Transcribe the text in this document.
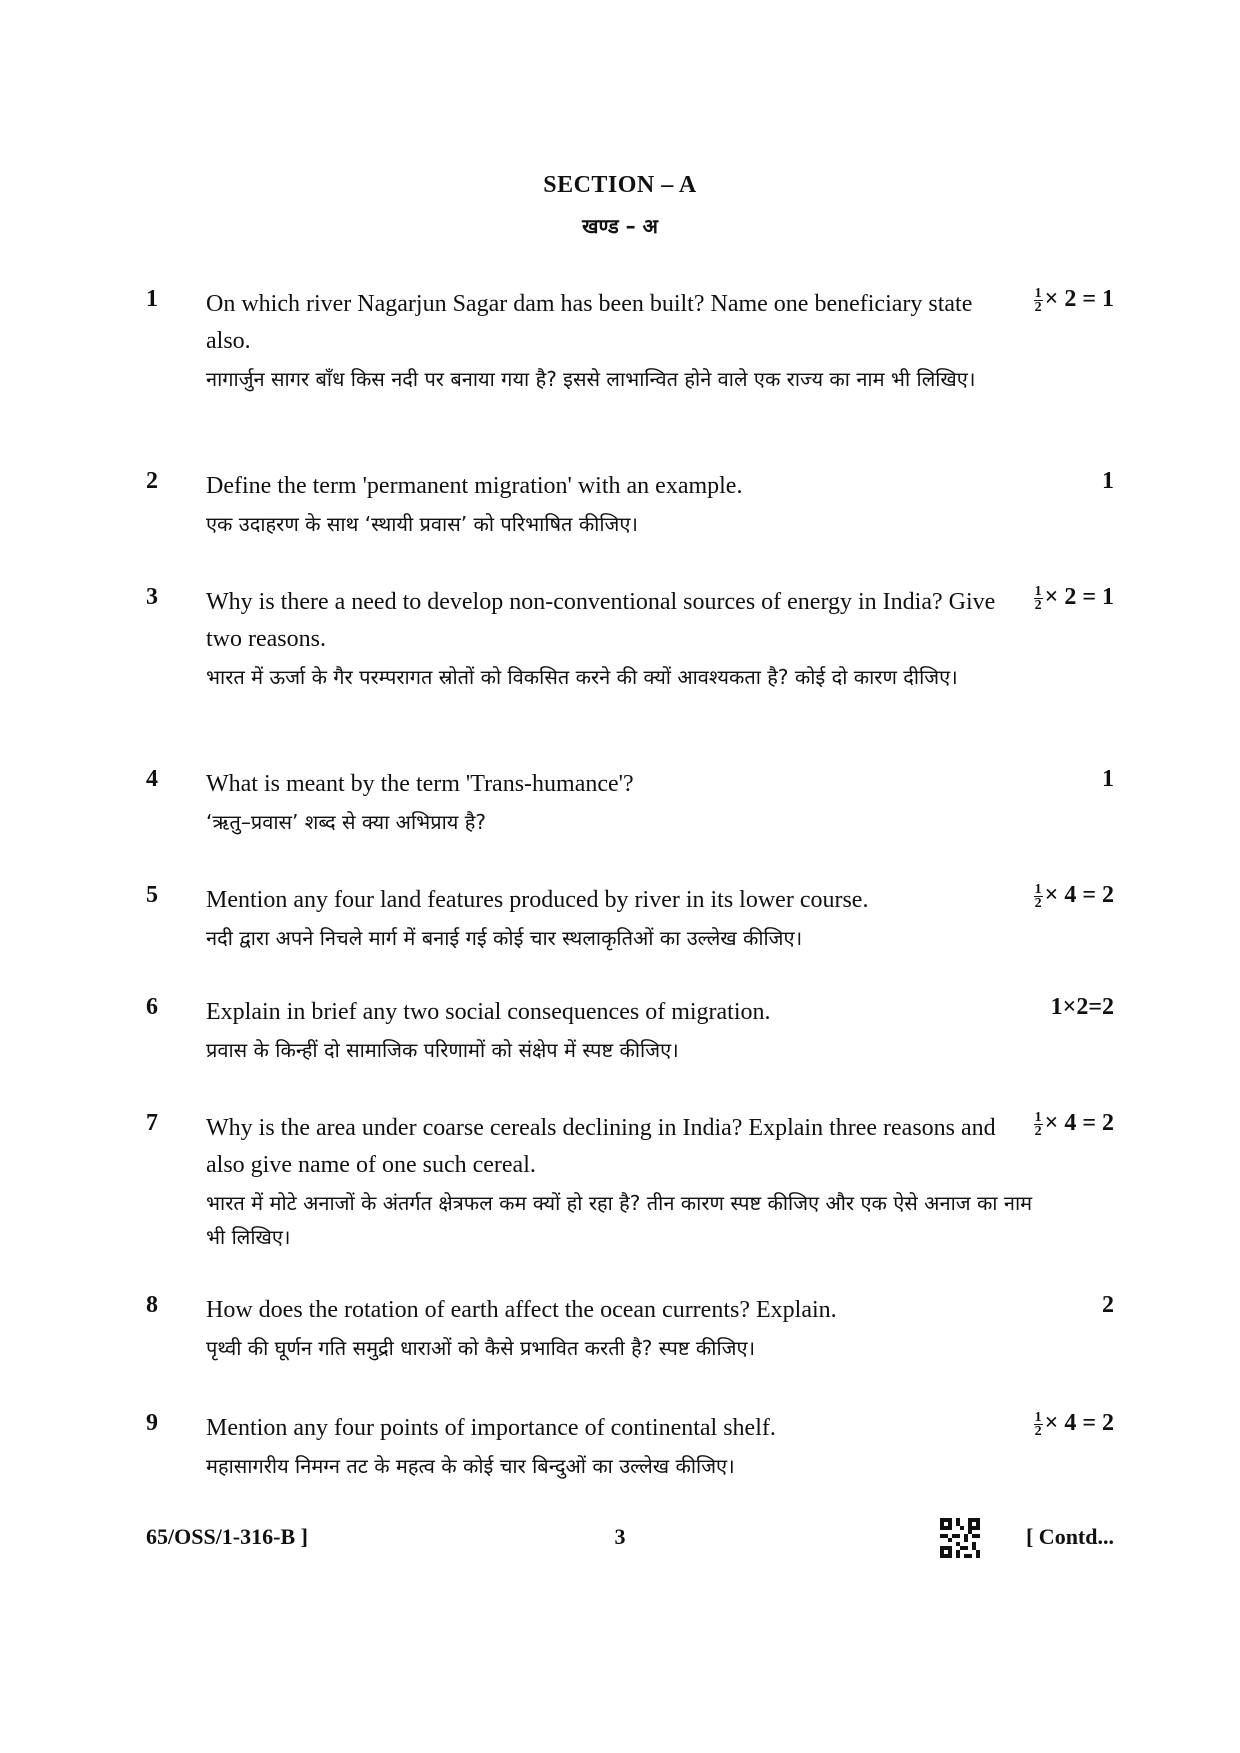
SECTION – A
खण्ड – अ
1 On which river Nagarjun Sagar dam has been built? Name one beneficiary state also.
नागार्जुन सागर बाँध किस नदी पर बनाया गया है? इससे लाभान्वित होने वाले एक राज्य का नाम भी लिखिए।
$\frac{1}{2} \times 2 = 1$
2 Define the term 'permanent migration' with an example.
एक उदाहरण के साथ ‘स्थायी प्रवास’ को परिभाषित कीजिए।
1
3 Why is there a need to develop non-conventional sources of energy in India? Give two reasons.
भारत में ऊर्जा के गैर परम्परागत स्रोतों को विकसित करने की क्यों आवश्यकता है? कोई दो कारण दीजिए।
$\frac{1}{2} \times 2 = 1$
4 What is meant by the term 'Trans-humance'?
‘ऋतु–प्रवास’ शब्द से क्या अभिप्राय है?
1
5 Mention any four land features produced by river in its lower course.
नदी द्वारा अपने निचले मार्ग में बनाई गई कोई चार स्थलाकृतिओं का उल्लेख कीजिए।
$\frac{1}{2} \times 4 = 2$
6 Explain in brief any two social consequences of migration.
प्रवास के किन्हीं दो सामाजिक परिणामों को संक्षेप में स्पष्ट कीजिए।
1×2=2
7 Why is the area under coarse cereals declining in India? Explain three reasons and also give name of one such cereal.
भारत में मोटे अनाजों के अंतर्गत क्षेत्रफल कम क्यों हो रहा है? तीन कारण स्पष्ट कीजिए और एक ऐसे अनाज का नाम भी लिखिए।
$\frac{1}{2} \times 4 = 2$
8 How does the rotation of earth affect the ocean currents? Explain.
पृथ्वी की घूर्णन गति समुद्री धाराओं को कैसे प्रभावित करती है? स्पष्ट कीजिए।
2
9 Mention any four points of importance of continental shelf.
महासागरीय निमग्न तट के महत्व के कोई चार बिन्दुओं का उल्लेख कीजिए।
$\frac{1}{2} \times 4 = 2$
65/OSS/1-316-B ]	3	[ Contd...
